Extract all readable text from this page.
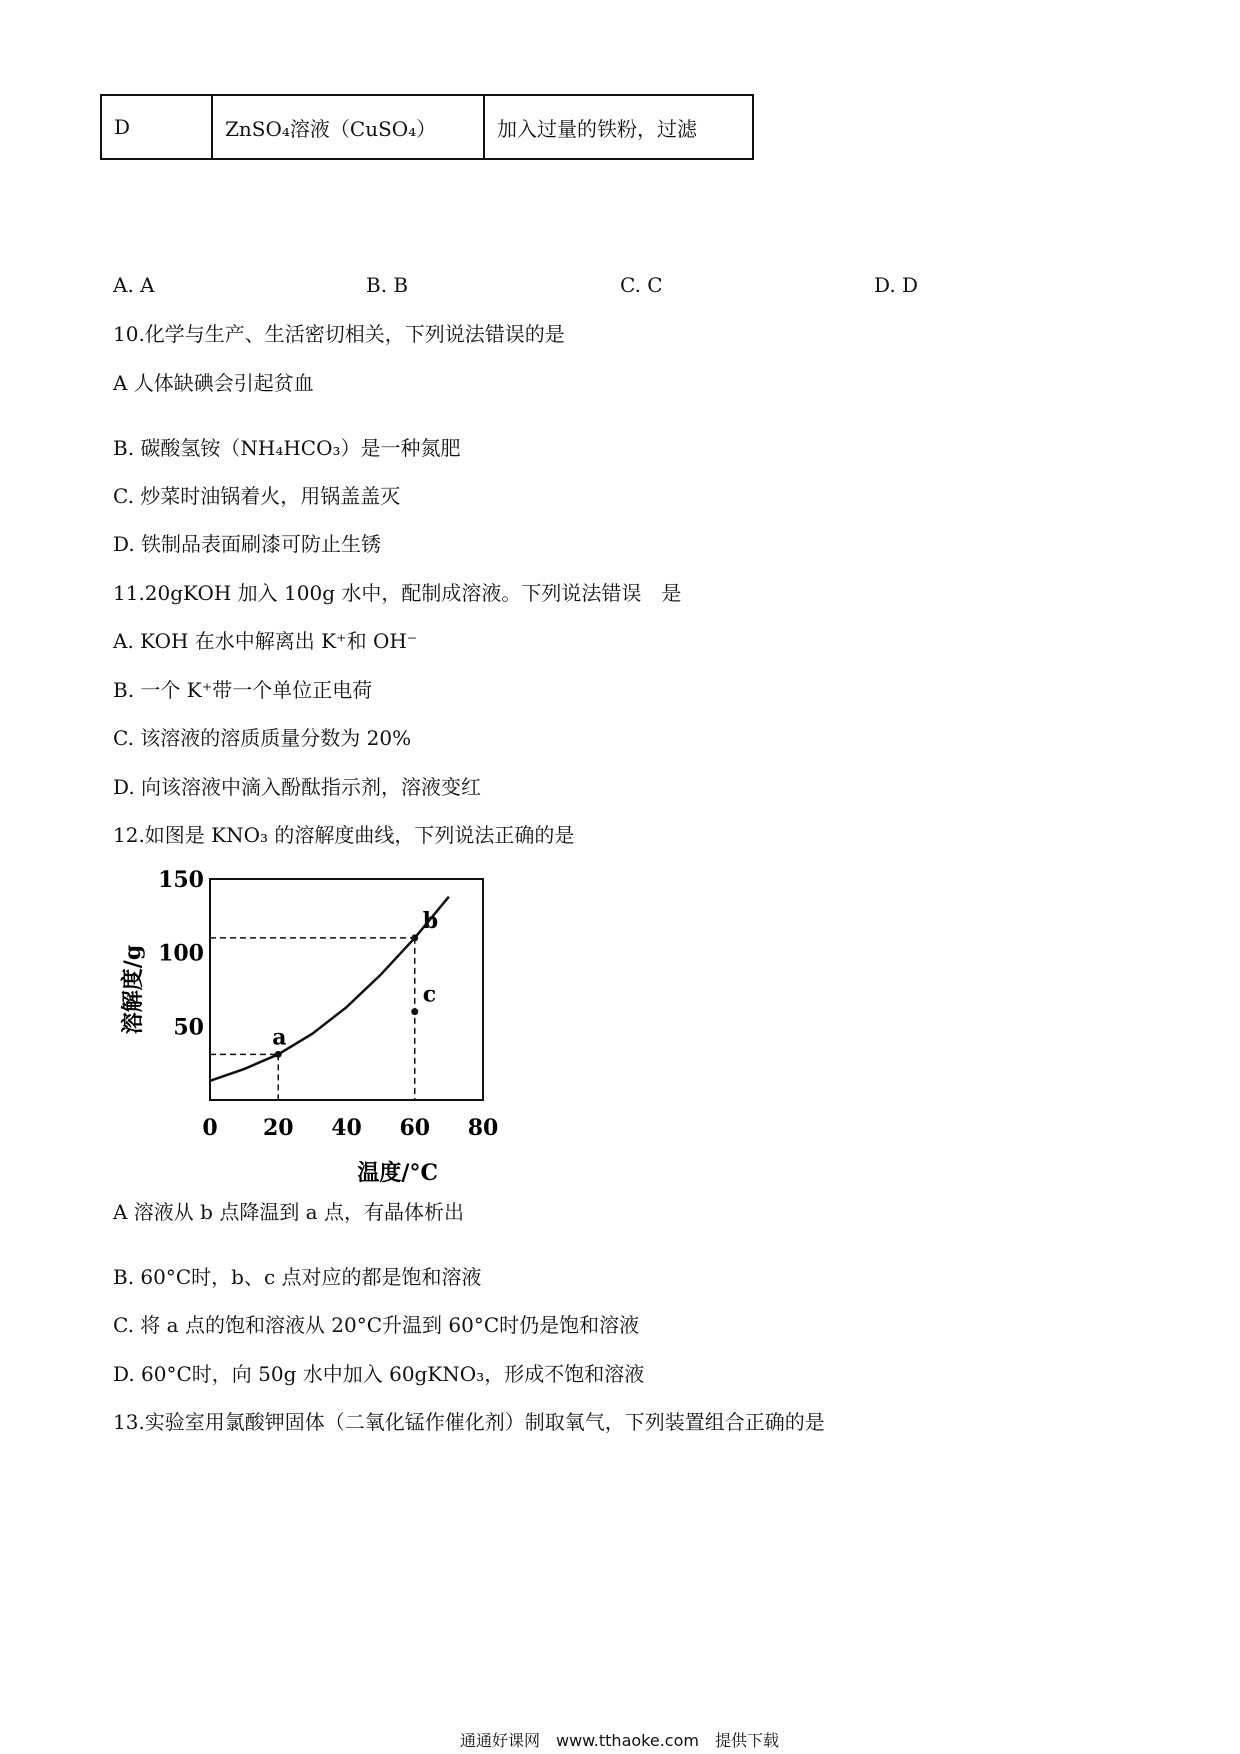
D	ZnSO₄溶液（CuSO₄）	加入过量的铁粉，过滤
A. A	B. B	C. C	D. D
10.化学与生产、生活密切相关，下列说法错误的是
A 人体缺碘会引起贫血
B. 碳酸氢铵（NH₄HCO₃）是一种氮肥
C. 炒菜时油锅着火，用锅盖盖灭
D. 铁制品表面刷漆可防止生锈
11.20gKOH 加入 100g 水中，配制成溶液。下列说法错误　是
A. KOH 在水中解离出 K⁺和 OH⁻
B. 一个 K⁺带一个单位正电荷
C. 该溶液的溶质质量分数为 20%
D. 向该溶液中滴入酚酞指示剂，溶液变红
12.如图是 KNO₃ 的溶解度曲线，下列说法正确的是
0 20 40 60 80
50
100
150
温度/°C
溶解度/g
a
b
c
A 溶液从 b 点降温到 a 点，有晶体析出
B. 60°C时，b、c 点对应的都是饱和溶液
C. 将 a 点的饱和溶液从 20°C升温到 60°C时仍是饱和溶液
D. 60°C时，向 50g 水中加入 60gKNO₃，形成不饱和溶液
13.实验室用氯酸钾固体（二氧化锰作催化剂）制取氧气，下列装置组合正确的是
通通好课网　www.tthaoke.com　提供下载
